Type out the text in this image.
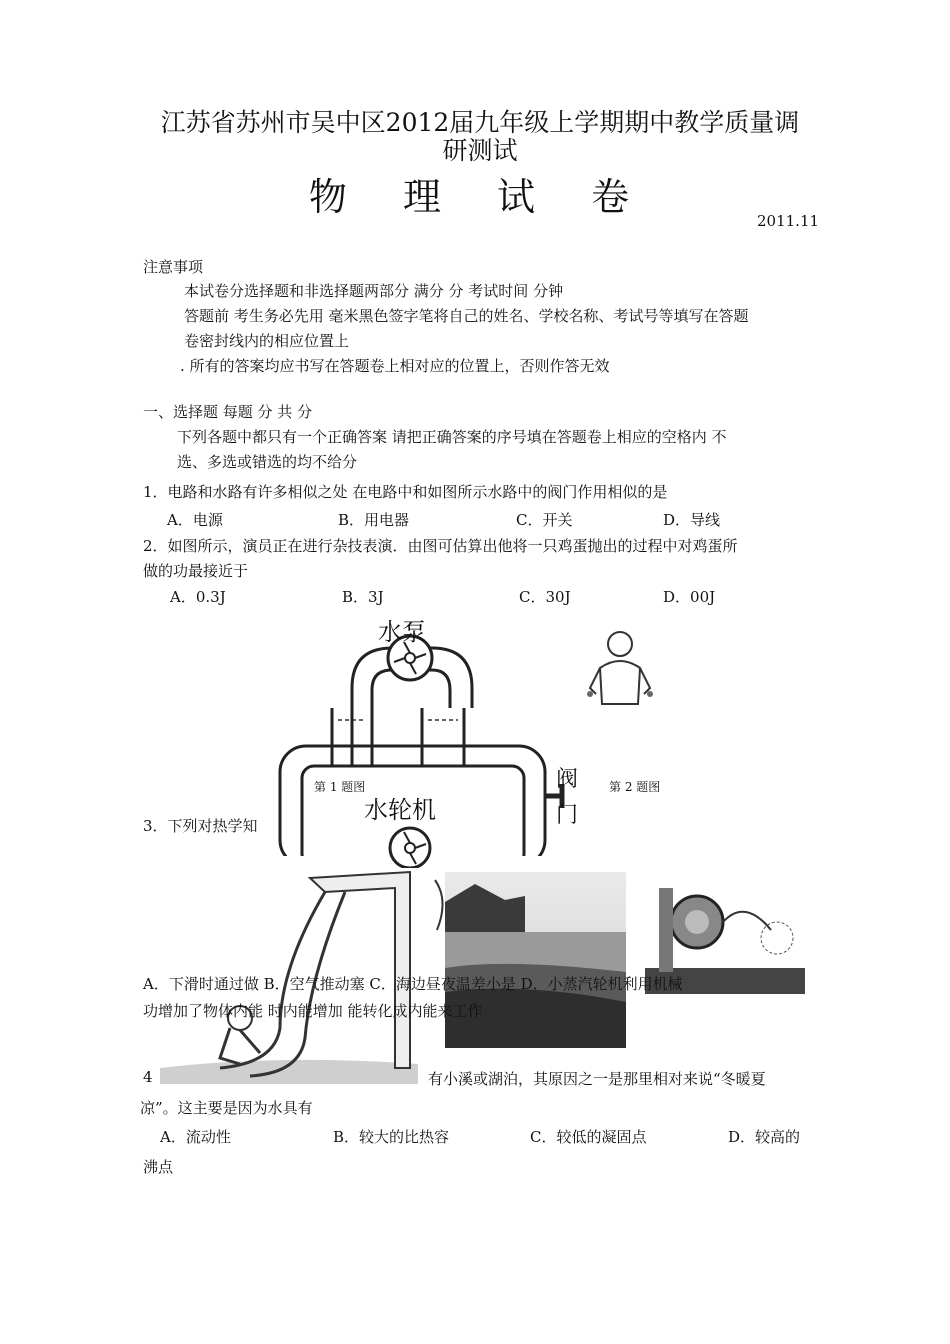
江苏省苏州市吴中区2012届九年级上学期期中教学质量调
研测试
物 理 试 卷
2011.11
注意事项
本试卷分选择题和非选择题两部分 满分 分 考试时间 分钟
答题前 考生务必先用 毫米黑色签字笔将自己的姓名、学校名称、考试号等填写在答题
卷密封线内的相应位置上
. 所有的答案均应书写在答题卷上相对应的位置上，否则作答无效
一、选择题 每题 分 共 分
下列各题中都只有一个正确答案 请把正确答案的序号填在答题卷上相应的空格内 不
选、多选或错选的均不给分
1．电路和水路有许多相似之处 在电路中和如图所示水路中的阀门作用相似的是
A．电源	B．用电器	C．开关	D．导线
2．如图所示，演员正在进行杂技表演．由图可估算出他将一只鸡蛋抛出的过程中对鸡蛋所
做的功最接近于
A．0.3J	B．3J	C．30J	D．00J
3．下列对热学知
水泵
水轮机
阀
门
第 1 题图	第 2 题图
A．下滑时通过做 B．空气推动塞 C．海边昼夜温差小是 D．小蒸汽轮机利用机械
功增加了物体内能 时内能增加 能转化成内能来工作
4	有小溪或湖泊，其原因之一是那里相对来说“冬暖夏
凉”。这主要是因为水具有
A．流动性	B．较大的比热容	C．较低的凝固点	D．较高的
沸点
